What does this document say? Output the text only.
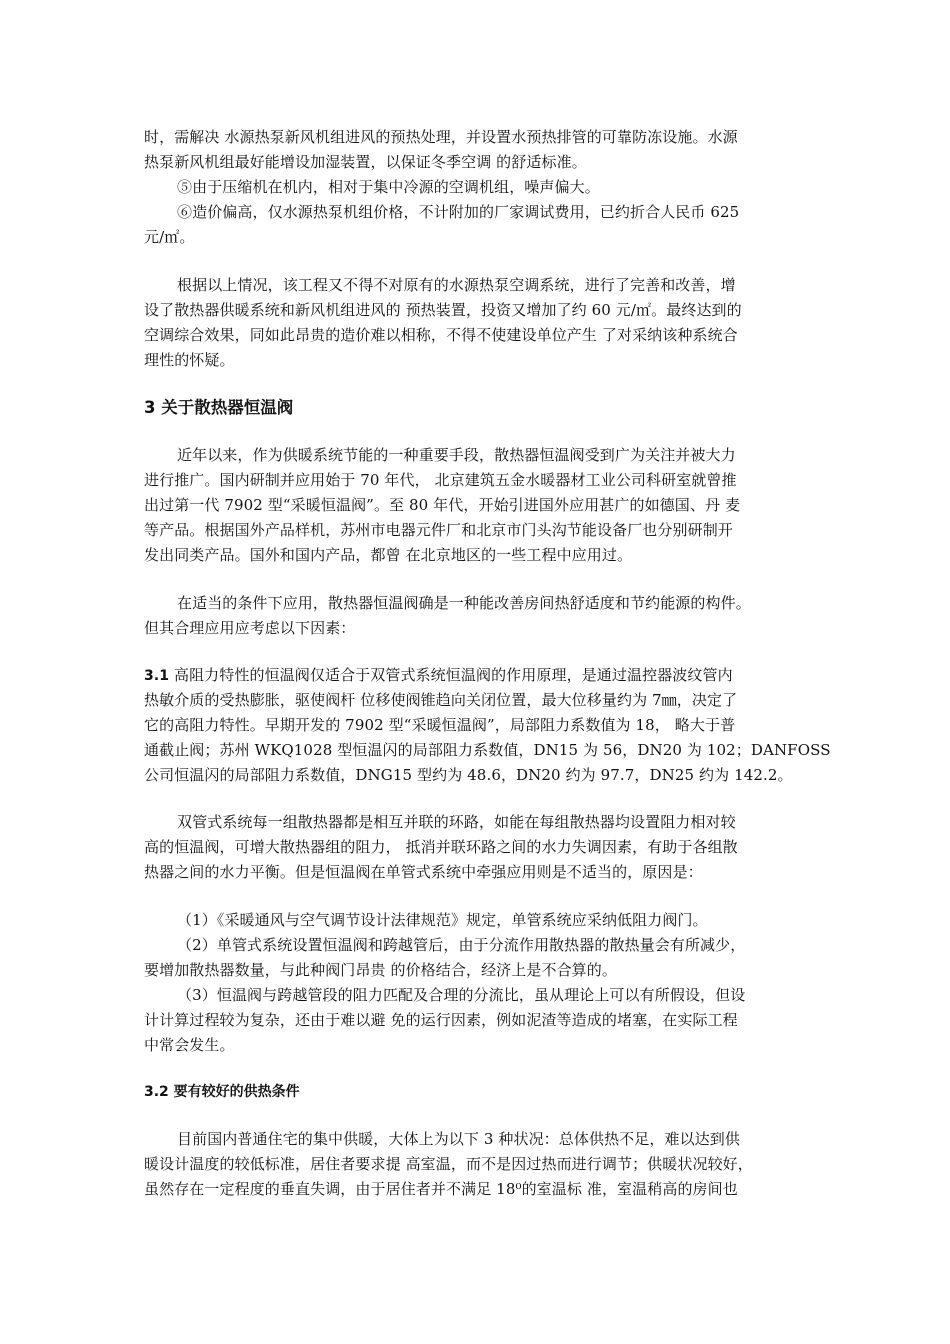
时，需解决 水源热泵新风机组进风的预热处理，并设置水预热排管的可靠防冻设施。水源
热泵新风机组最好能增设加湿装置，以保证冬季空调 的舒适标准。
⑤由于压缩机在机内，相对于集中冷源的空调机组，噪声偏大。
⑥造价偏高，仅水源热泵机组价格，不计附加的厂家调试费用，已约折合人民币 625
元/㎡。
根据以上情况，该工程又不得不对原有的水源热泵空调系统，进行了完善和改善，增
设了散热器供暖系统和新风机组进风的 预热装置，投资又增加了约 60 元/㎡。最终达到的
空调综合效果，同如此昂贵的造价难以相称，不得不使建设单位产生 了对采纳该种系统合
理性的怀疑。
3 关于散热器恒温阀
近年以来，作为供暖系统节能的一种重要手段，散热器恒温阀受到广为关注并被大力
进行推广。国内研制并应用始于 70 年代， 北京建筑五金水暖器材工业公司科研室就曾推
出过第一代 7902 型“采暖恒温阀”。至 80 年代，开始引进国外应用甚广的如德国、丹 麦
等产品。根据国外产品样机，苏州市电器元件厂和北京市门头沟节能设备厂也分别研制开
发出同类产品。国外和国内产品，都曾 在北京地区的一些工程中应用过。
在适当的条件下应用，散热器恒温阀确是一种能改善房间热舒适度和节约能源的构件。
但其合理应用应考虑以下因素：
3.1 高阻力特性的恒温阀仅适合于双管式系统恒温阀的作用原理，是通过温控器波纹管内
热敏介质的受热膨胀，驱使阀杆 位移使阀锥趋向关闭位置，最大位移量约为 7㎜，决定了
它的高阻力特性。早期开发的 7902 型“采暖恒温阀”，局部阻力系数值为 18， 略大于普
通截止阀；苏州 WKQ1028 型恒温闪的局部阻力系数值，DN15 为 56，DN20 为 102；DANFOSS
公司恒温闪的局部阻力系数值，DNG15 型约为 48.6，DN20 约为 97.7，DN25 约为 142.2。
双管式系统每一组散热器都是相互并联的环路，如能在每组散热器均设置阻力相对较
高的恒温阀，可增大散热器组的阻力， 抵消并联环路之间的水力失调因素，有助于各组散
热器之间的水力平衡。但是恒温阀在单管式系统中牵强应用则是不适当的，原因是：
（1）《采暖通风与空气调节设计法律规范》规定，单管系统应采纳低阻力阀门。
（2）单管式系统设置恒温阀和跨越管后，由于分流作用散热器的散热量会有所减少，
要增加散热器数量，与此种阀门昂贵 的价格结合，经济上是不合算的。
（3）恒温阀与跨越管段的阻力匹配及合理的分流比，虽从理论上可以有所假设，但设
计计算过程较为复杂，还由于难以避 免的运行因素，例如泥渣等造成的堵塞，在实际工程
中常会发生。
3.2 要有较好的供热条件
目前国内普通住宅的集中供暖，大体上为以下 3 种状况：总体供热不足，难以达到供
暖设计温度的较低标准，居住者要求提 高室温，而不是因过热而进行调节；供暖状况较好，
虽然存在一定程度的垂直失调，由于居住者并不满足 18⁰的室温标 准，室温稍高的房间也
